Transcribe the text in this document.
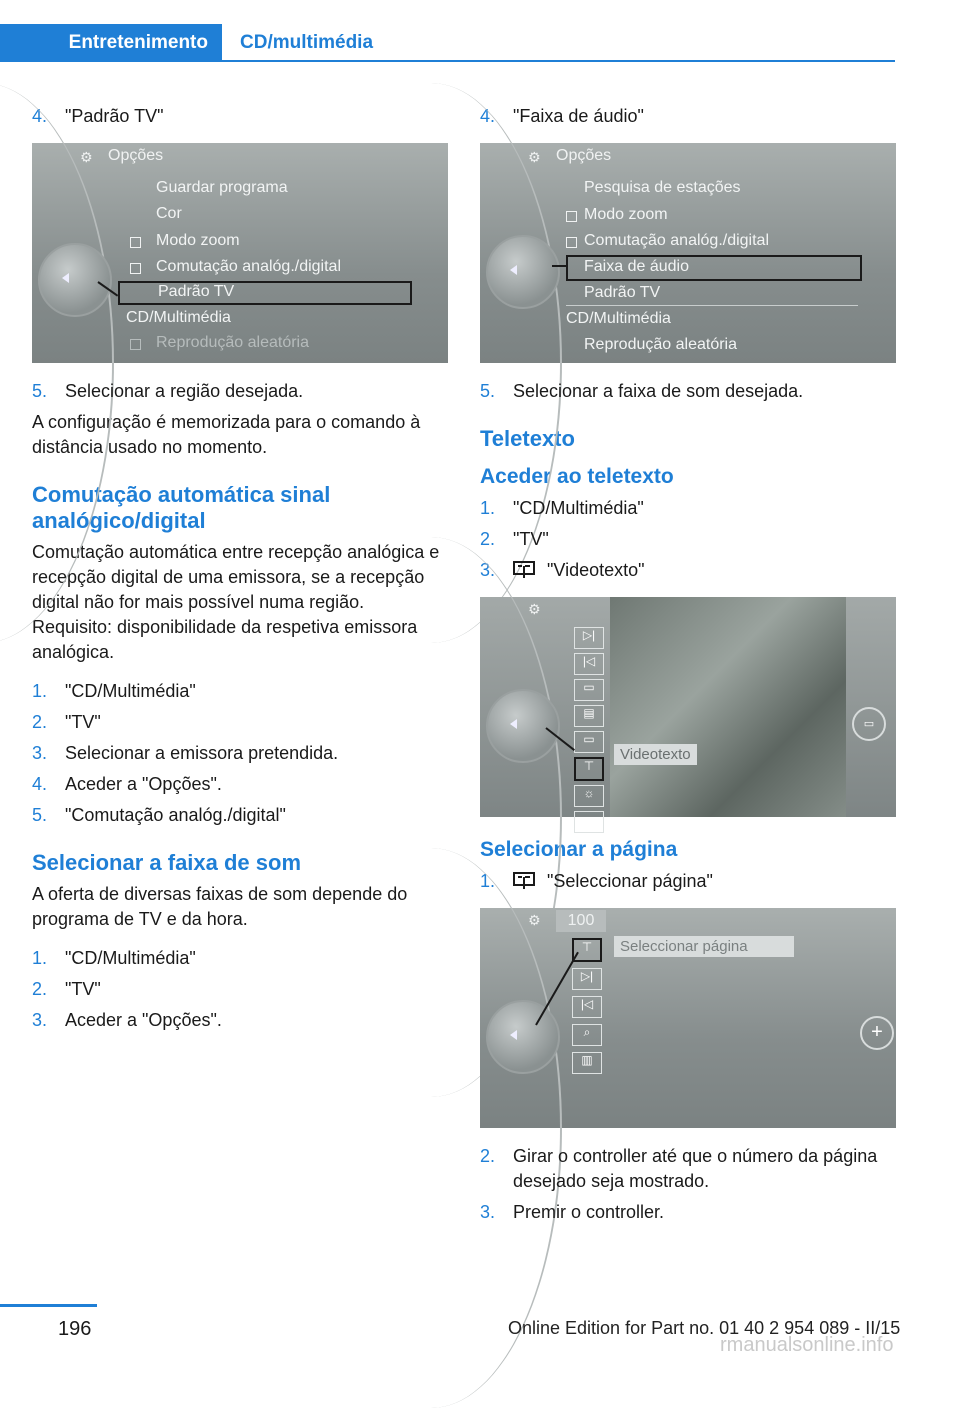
Entretenimento	CD/multimédia
4. "Padrão TV"
⚙ Opções
Guardar programa
Cor
Modo zoom
Comutação analóg./digital
Padrão TV
CD/Multimédia
Reprodução aleatória
5. Selecionar a região desejada.
A configuração é memorizada para o comando à distância usado no momento.
Comutação automática sinal analógico/digital
Comutação automática entre recepção analógica e recepção digital de uma emissora, se a recepção digital não for mais possível numa região. Requisito: disponibilidade da respetiva emissora analógica.
1. "CD/Multimédia"
2. "TV"
3. Selecionar a emissora pretendida.
4. Aceder a "Opções".
5. "Comutação analóg./digital"
Selecionar a faixa de som
A oferta de diversas faixas de som depende do programa de TV e da hora.
1. "CD/Multimédia"
2. "TV"
3. Aceder a "Opções".
4. "Faixa de áudio"
⚙ Opções
Pesquisa de estações
Modo zoom
Comutação analóg./digital
Faixa de áudio
Padrão TV
CD/Multimédia
Reprodução aleatória
5. Selecionar a faixa de som desejada.
Teletexto
Aceder ao teletexto
1. "CD/Multimédia"
2. "TV"
3.	"Videotexto"
⚙
▷|
|◁
▭
▤
▭
⊤
☼
◐
Videotexto
▭
Selecionar a página
1.	"Seleccionar página"
⚙	100
⊤
▷|
|◁
⌕
▥
Seleccionar página
+
2. Girar o controller até que o número da página desejado seja mostrado.
3. Premir o controller.
196	Online Edition for Part no. 01 40 2 954 089 - II/15
rmanualsonline.info
